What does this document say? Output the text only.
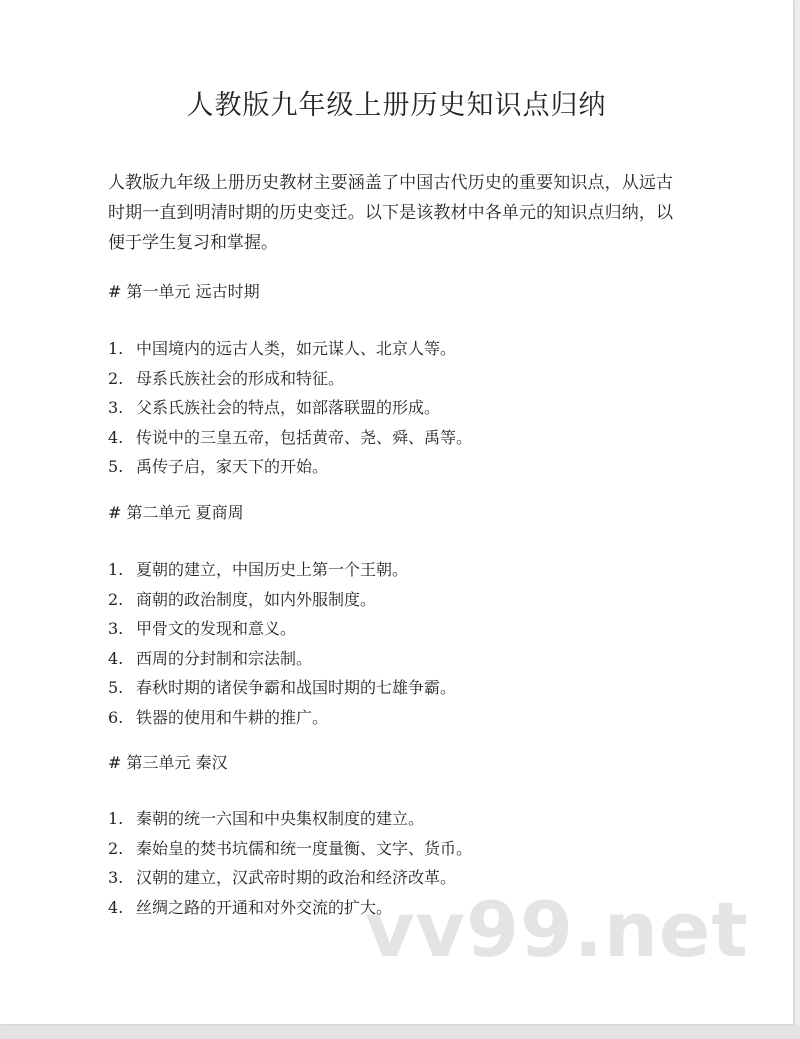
人教版九年级上册历史知识点归纳

人教版九年级上册历史教材主要涵盖了中国古代历史的重要知识点，从远古时期一直到明清时期的历史变迁。以下是该教材中各单元的知识点归纳，以便于学生复习和掌握。

# 第一单元 远古时期

1. 中国境内的远古人类，如元谋人、北京人等。
2. 母系氏族社会的形成和特征。
3. 父系氏族社会的特点，如部落联盟的形成。
4. 传说中的三皇五帝，包括黄帝、尧、舜、禹等。
5. 禹传子启，家天下的开始。

# 第二单元 夏商周

1. 夏朝的建立，中国历史上第一个王朝。
2. 商朝的政治制度，如内外服制度。
3. 甲骨文的发现和意义。
4. 西周的分封制和宗法制。
5. 春秋时期的诸侯争霸和战国时期的七雄争霸。
6. 铁器的使用和牛耕的推广。

# 第三单元 秦汉

1. 秦朝的统一六国和中央集权制度的建立。
2. 秦始皇的焚书坑儒和统一度量衡、文字、货币。
3. 汉朝的建立，汉武帝时期的政治和经济改革。
4. 丝绸之路的开通和对外交流的扩大。
vv99.net
